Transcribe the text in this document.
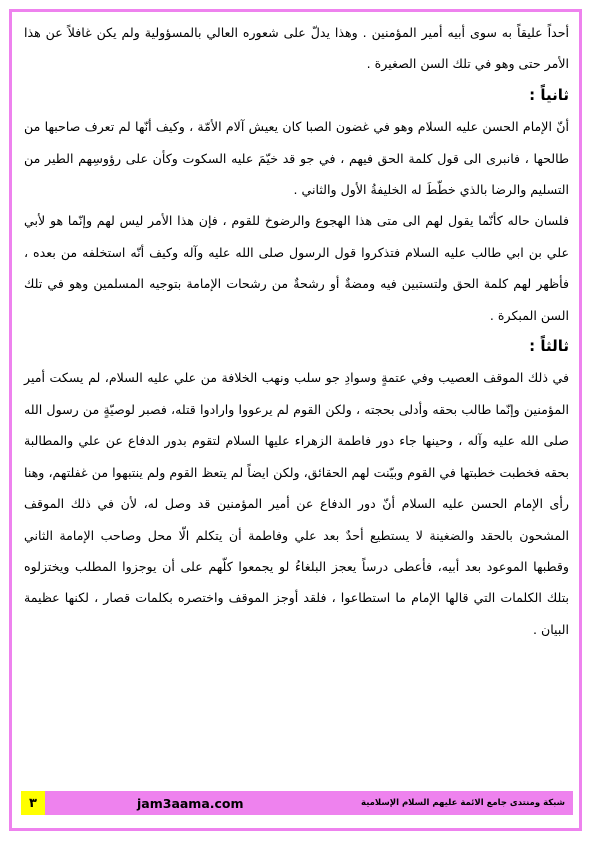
أحداً عليقاً به سوى أبيه أمير المؤمنين . وهذا يدلّ على شعوره العالي بالمسؤولية ولم يكن غافلاً عن هذا الأمر حتى وهو في تلك السن الصغيرة .

ثانياً :

أنّ الإمام الحسن عليه السلام وهو في غضون الصبا كان يعيش آلام الأمّة ، وكيف أنّها لم تعرف صاحبها من طالحها ، فانبرى الى قول كلمة الحق فيهم ، في جو قد خيّمَ عليه السكوت وكأن على رؤوسِهم الطير من التسليم والرضا بالذي خطّطَ له الخليفةُ الأول والثاني .

فلسان حاله كأنّما يقول لهم الى متى هذا الهجوع والرضوخ للقوم ، فإن هذا الأمر ليس لهم وإنّما هو لأبي علي بن ابي طالب عليه السلام فتذكروا قول الرسول صلى الله عليه وآله وكيف أنّه استخلفه من بعده ، فأظهر لهم كلمة الحق ولتستبين فيه ومضةٌ أو رشحةٌ من رشحات الإمامة بتوجيه المسلمين وهو في تلك السن المبكرة .

ثالثاً :

في ذلك الموقف العصيب وفي عتمةٍ وسوادِ جو سلب ونهب الخلافة من علي عليه السلام، لم يسكت أمير المؤمنين وإنّما طالب بحقه وأدلى بحجته ، ولكن القوم لم يرعووا وارادوا قتله، فصبر لوصيّةٍ من رسول الله صلى الله عليه وآله ، وحينها جاء دور فاطمة الزهراء عليها السلام لتقوم بدور الدفاع عن علي والمطالبة بحقه فخطبت خطبتها في القوم وبيّنت لهم الحقائق، ولكن ايضاً لم يتعظ القوم ولم ينتبهوا من غفلتهم، وهنا رأى الإمام الحسن عليه السلام أنّ دور الدفاع عن أمير المؤمنين قد وصل له، لأن في ذلك الموقف المشحون بالحقد والضغينة لا يستطيع أحدٌ بعد علي وفاطمة أن يتكلم الّا محل وصاحب الإمامة الثاني وقطبها الموعود بعد أبيه، فأعطى درساً يعجز البلغاءُ لو يجمعوا كلّهم على أن يوجزوا المطلب ويختزلوه بتلك الكلمات التي قالها الإمام ما استطاعوا ، فلقد أوجز الموقف واختصره بكلمات قصار ، لكنها عظيمة البيان .

٣	jam3aama.com	شبكة ومنتدى جامع الائمة عليهم السلام الإسلامية
